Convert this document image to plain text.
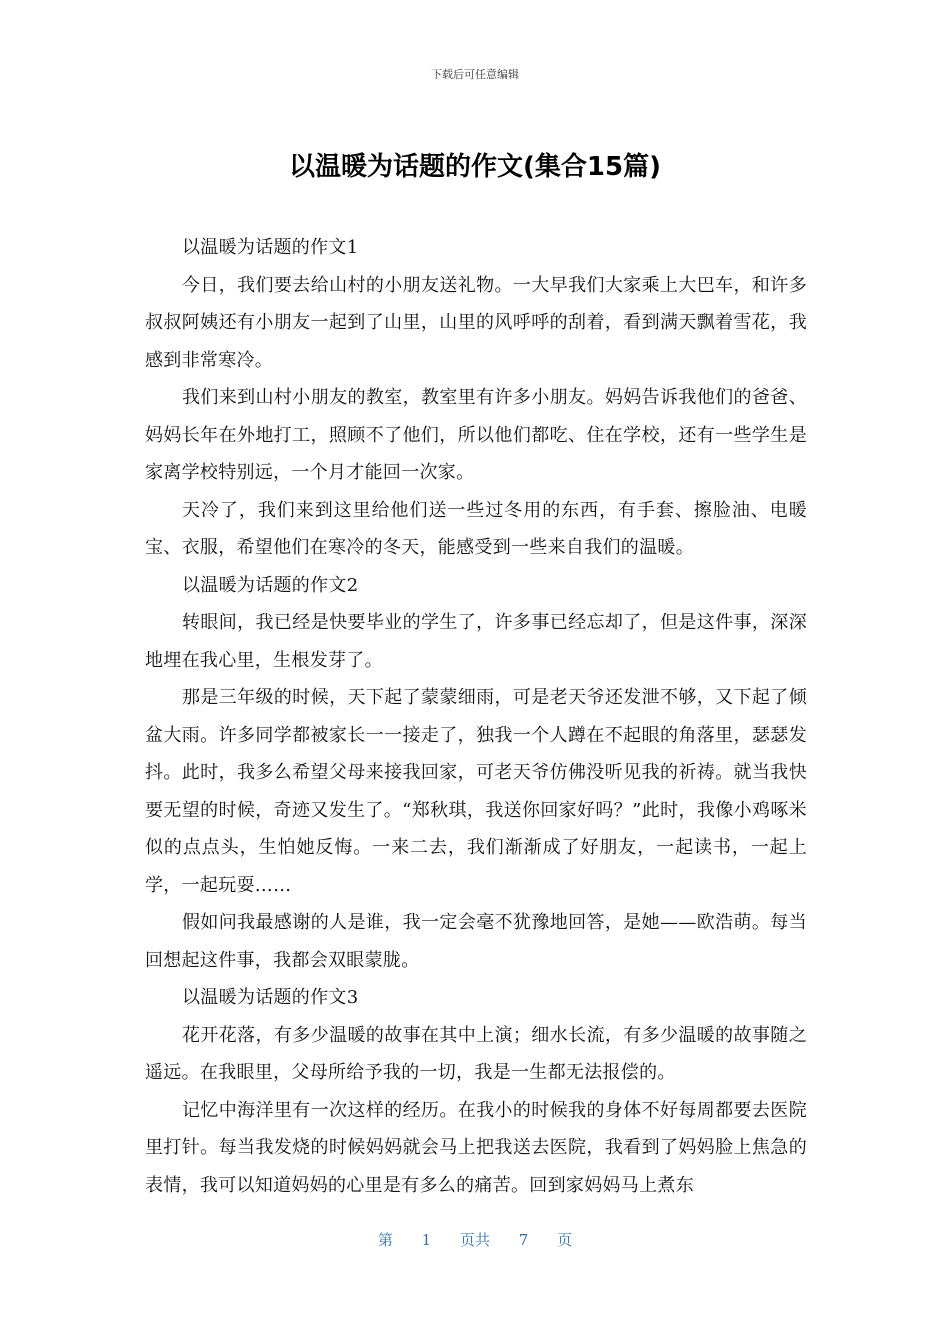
下载后可任意编辑
以温暖为话题的作文(集合15篇)

以温暖为话题的作文1

今日，我们要去给山村的小朋友送礼物。一大早我们大家乘上大巴车，和许多叔叔阿姨还有小朋友一起到了山里，山里的风呼呼的刮着，看到满天飘着雪花，我感到非常寒冷。

我们来到山村小朋友的教室，教室里有许多小朋友。妈妈告诉我他们的爸爸、妈妈长年在外地打工，照顾不了他们，所以他们都吃、住在学校，还有一些学生是家离学校特别远，一个月才能回一次家。

天冷了，我们来到这里给他们送一些过冬用的东西，有手套、擦脸油、电暖宝、衣服，希望他们在寒冷的冬天，能感受到一些来自我们的温暖。

以温暖为话题的作文2

转眼间，我已经是快要毕业的学生了，许多事已经忘却了，但是这件事，深深地埋在我心里，生根发芽了。

那是三年级的时候，天下起了蒙蒙细雨，可是老天爷还发泄不够，又下起了倾盆大雨。许多同学都被家长一一接走了，独我一个人蹲在不起眼的角落里，瑟瑟发抖。此时，我多么希望父母来接我回家，可老天爷仿佛没听见我的祈祷。就当我快要无望的时候，奇迹又发生了。“郑秋琪，我送你回家好吗？”此时，我像小鸡啄米似的点点头，生怕她反悔。一来二去，我们渐渐成了好朋友，一起读书，一起上学，一起玩耍……

假如问我最感谢的人是谁，我一定会毫不犹豫地回答，是她——欧浩萌。每当回想起这件事，我都会双眼蒙胧。

以温暖为话题的作文3

花开花落，有多少温暖的故事在其中上演；细水长流，有多少温暖的故事随之遥远。在我眼里，父母所给予我的一切，我是一生都无法报偿的。

记忆中海洋里有一次这样的经历。在我小的时候我的身体不好每周都要去医院里打针。每当我发烧的时候妈妈就会马上把我送去医院，我看到了妈妈脸上焦急的表情，我可以知道妈妈的心里是有多么的痛苦。回到家妈妈马上煮东

第 1 页共 7 页
